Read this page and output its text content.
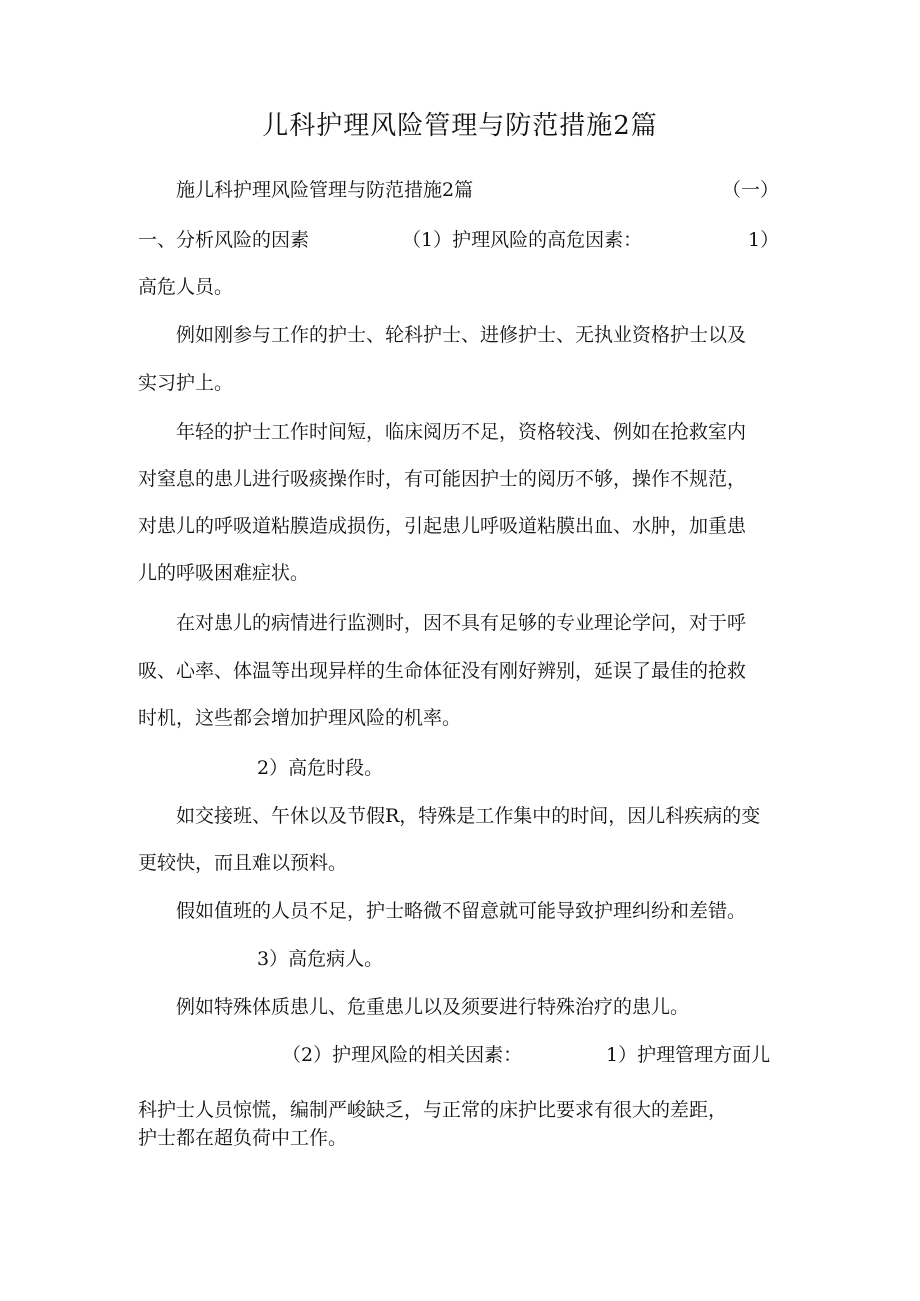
儿科护理风险管理与防范措施2篇
施儿科护理风险管理与防范措施2篇	（一）
一、分析风险的因素	（1）护理风险的高危因素：	1）
高危人员。
例如刚参与工作的护士、轮科护士、进修护士、无执业资格护士以及
实习护上。
年轻的护士工作时间短，临床阅历不足，资格较浅、例如在抢救室内
对窒息的患儿进行吸痰操作时，有可能因护士的阅历不够，操作不规范，
对患儿的呼吸道粘膜造成损伤，引起患儿呼吸道粘膜出血、水肿，加重患
儿的呼吸困难症状。
在对患儿的病情进行监测时，因不具有足够的专业理论学问，对于呼
吸、心率、体温等出现异样的生命体征没有刚好辨别，延误了最佳的抢救
时机，这些都会增加护理风险的机率。
2）高危时段。
如交接班、午休以及节假R，特殊是工作集中的时间，因儿科疾病的变
更较快，而且难以预料。
假如值班的人员不足，护士略微不留意就可能导致护理纠纷和差错。
3）高危病人。
例如特殊体质患儿、危重患儿以及须要进行特殊治疗的患儿。
（2）护理风险的相关因素：	1）护理管理方面儿
科护士人员惊慌，编制严峻缺乏，与正常的床护比要求有很大的差距，
护士都在超负荷中工作。
